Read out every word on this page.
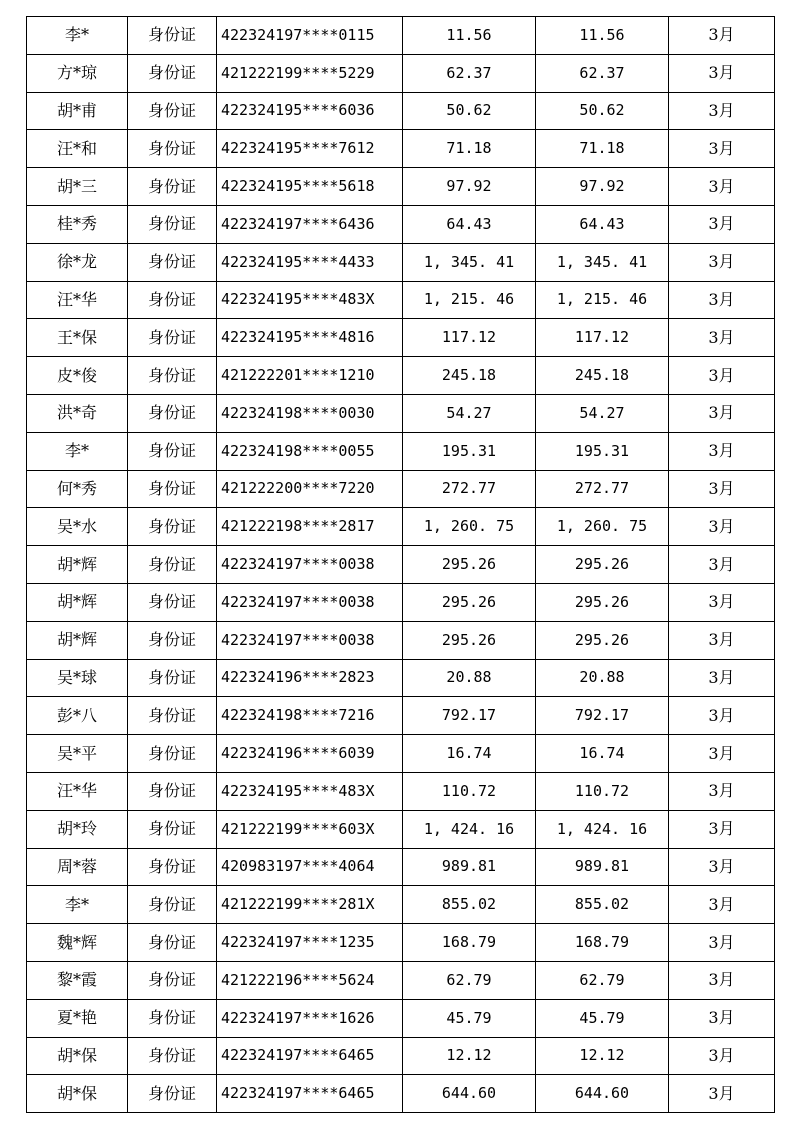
李*	身份证	422324197****0115	11.56	11.56	3月
方*琼	身份证	421222199****5229	62.37	62.37	3月
胡*甫	身份证	422324195****6036	50.62	50.62	3月
汪*和	身份证	422324195****7612	71.18	71.18	3月
胡*三	身份证	422324195****5618	97.92	97.92	3月
桂*秀	身份证	422324197****6436	64.43	64.43	3月
徐*龙	身份证	422324195****4433	1, 345. 41	1, 345. 41	3月
汪*华	身份证	422324195****483X	1, 215. 46	1, 215. 46	3月
王*保	身份证	422324195****4816	117.12	117.12	3月
皮*俊	身份证	421222201****1210	245.18	245.18	3月
洪*奇	身份证	422324198****0030	54.27	54.27	3月
李*	身份证	422324198****0055	195.31	195.31	3月
何*秀	身份证	421222200****7220	272.77	272.77	3月
吴*水	身份证	421222198****2817	1, 260. 75	1, 260. 75	3月
胡*辉	身份证	422324197****0038	295.26	295.26	3月
胡*辉	身份证	422324197****0038	295.26	295.26	3月
胡*辉	身份证	422324197****0038	295.26	295.26	3月
吴*球	身份证	422324196****2823	20.88	20.88	3月
彭*八	身份证	422324198****7216	792.17	792.17	3月
吴*平	身份证	422324196****6039	16.74	16.74	3月
汪*华	身份证	422324195****483X	110.72	110.72	3月
胡*玲	身份证	421222199****603X	1, 424. 16	1, 424. 16	3月
周*蓉	身份证	420983197****4064	989.81	989.81	3月
李*	身份证	421222199****281X	855.02	855.02	3月
魏*辉	身份证	422324197****1235	168.79	168.79	3月
黎*霞	身份证	421222196****5624	62.79	62.79	3月
夏*艳	身份证	422324197****1626	45.79	45.79	3月
胡*保	身份证	422324197****6465	12.12	12.12	3月
胡*保	身份证	422324197****6465	644.60	644.60	3月
